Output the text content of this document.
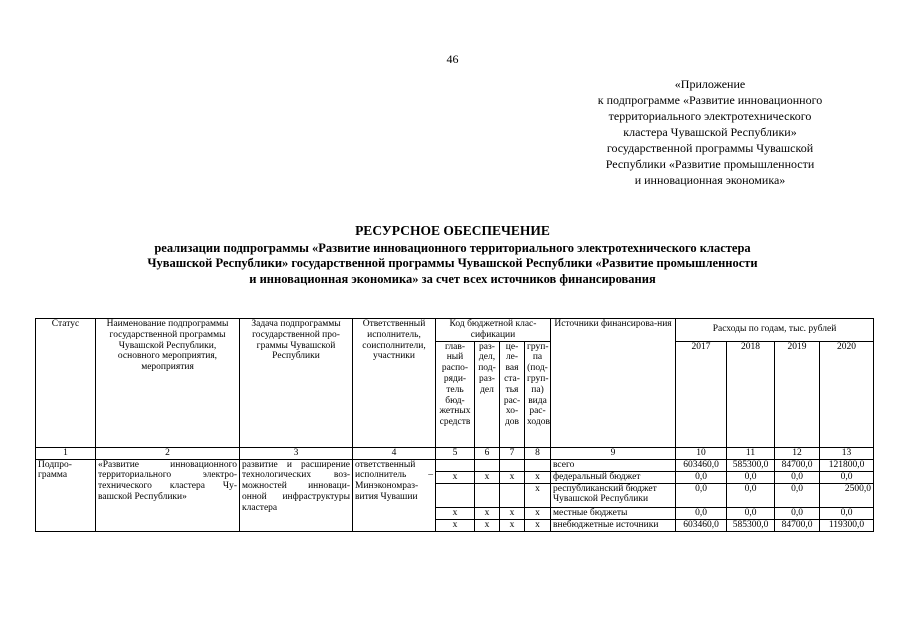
46
«Приложение
к подпрограмме «Развитие инновационного
территориального электротехнического
кластера Чувашской Республики»
государственной программы Чувашской
Республики «Развитие промышленности
и инновационная экономика»
РЕСУРСНОЕ ОБЕСПЕЧЕНИЕ
реализации подпрограммы «Развитие инновационного территориального электротехнического кластера
Чувашской Республики» государственной программы Чувашской Республики «Развитие промышленности
и инновационная экономика» за счет всех источников финансирования
Статус	Наименование подпрограммы государственной программы Чувашской Республики, основного мероприятия, мероприятия	Задача подпрограммы государственной про-граммы Чувашской Республики	Ответственный исполнитель, соисполнители, участники	Код бюджетной клас-сификации				Источники финансирова-ния	Расходы по годам, тыс. рублей			
				глав-ный распо-ряди-тель бюд-жетных средств	раз-дел, под-раз-дел	це-ле-вая ста-тья рас-хо-дов	груп-па (под-груп-па) вида рас-ходов		2017	2018	2019	2020
1	2	3	4	5	6	7	8	9	10	11	12	13
Подпро-грамма	«Развитие инновационного территориального электро-технического кластера Чу-вашской Республики»	развитие и расширение технологических воз-можностей инноваци-онной инфраструктуры кластера	ответственный исполнитель – Минэкономраз-вития Чувашии					всего	603460,0	585300,0	84700,0	121800,0
				x	x	x	x	федеральный бюджет	0,0	0,0	0,0	0,0
							x	республиканский бюджет Чувашской Республики	0,0	0,0	0,0	2500,0
				x	x	x	x	местные бюджеты	0,0	0,0	0,0	0,0
				x	x	x	x	внебюджетные источники	603460,0	585300,0	84700,0	119300,0
